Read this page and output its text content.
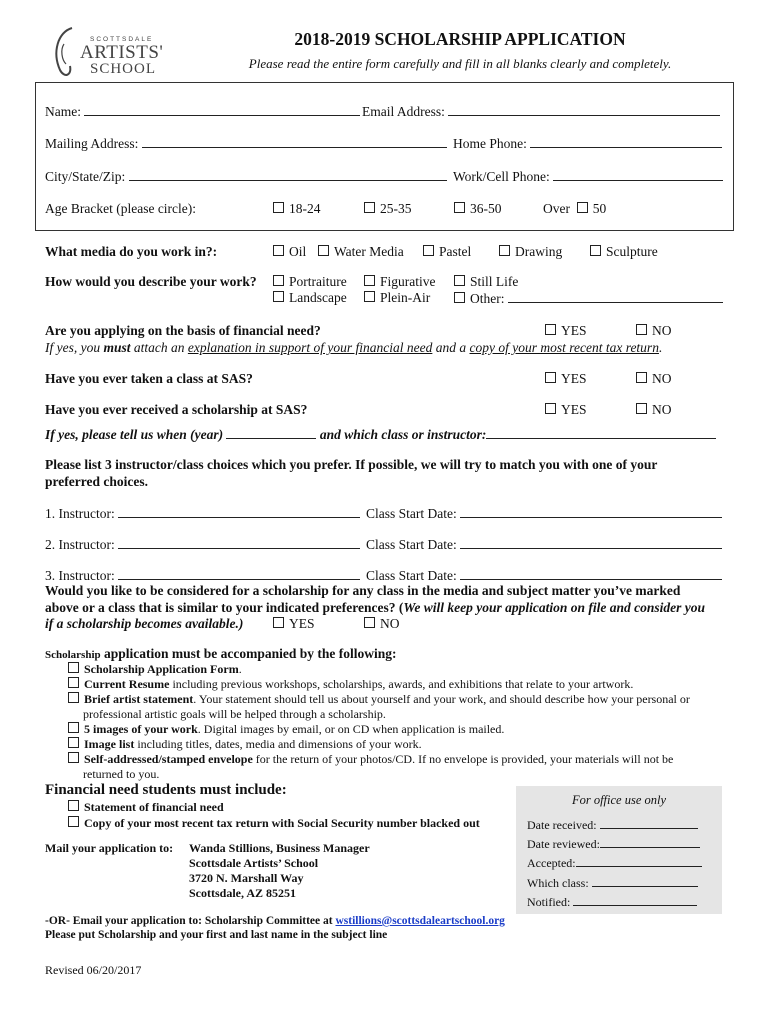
SCOTTSDALE
ARTISTS'
SCHOOL
2018-2019 SCHOLARSHIP APPLICATION
Please read the entire form carefully and fill in all blanks clearly and completely.
Name:	Email Address:
Mailing Address:	Home Phone:
City/State/Zip:	Work/Cell Phone:
Age Bracket (please circle):	18-24	25-35	36-50	Over 50
What media do you work in?:	Oil	Water Media	Pastel	Drawing	Sculpture
How would you describe your work?	Portraiture	Figurative	Still Life
Landscape	Plein-Air	Other:
Are you applying on the basis of financial need?	YES	NO
If yes, you must attach an explanation in support of your financial need and a copy of your most recent tax return.
Have you ever taken a class at SAS?	YES	NO
Have you ever received a scholarship at SAS?	YES	NO
If yes, please tell us when (year)	and which class or instructor:
Please list 3 instructor/class choices which you prefer. If possible, we will try to match you with one of your
preferred choices.
1. Instructor:	Class Start Date:
2. Instructor:	Class Start Date:
3. Instructor:	Class Start Date:
Would you like to be considered for a scholarship for any class in the media and subject matter you’ve marked
above or a class that is similar to your indicated preferences? (We will keep your application on file and consider you
if a scholarship becomes available.)	YES	NO
Scholarship application must be accompanied by the following:
Scholarship Application Form.
Current Resume including previous workshops, scholarships, awards, and exhibitions that relate to your artwork.
Brief artist statement. Your statement should tell us about yourself and your work, and should describe how your personal or
professional artistic goals will be helped through a scholarship.
5 images of your work. Digital images by email, or on CD when application is mailed.
Image list including titles, dates, media and dimensions of your work.
Self-addressed/stamped envelope for the return of your photos/CD. If no envelope is provided, your materials will not be
returned to you.
Financial need students must include:
Statement of financial need
Copy of your most recent tax return with Social Security number blacked out
Mail your application to: Wanda Stillions, Business Manager
Scottsdale Artists’ School
3720 N. Marshall Way
Scottsdale, AZ 85251
-OR- Email your application to: Scholarship Committee at wstillions@scottsdaleartschool.org
Please put Scholarship and your first and last name in the subject line
For office use only
Date received:
Date reviewed:
Accepted:
Which class:
Notified:
Revised 06/20/2017
